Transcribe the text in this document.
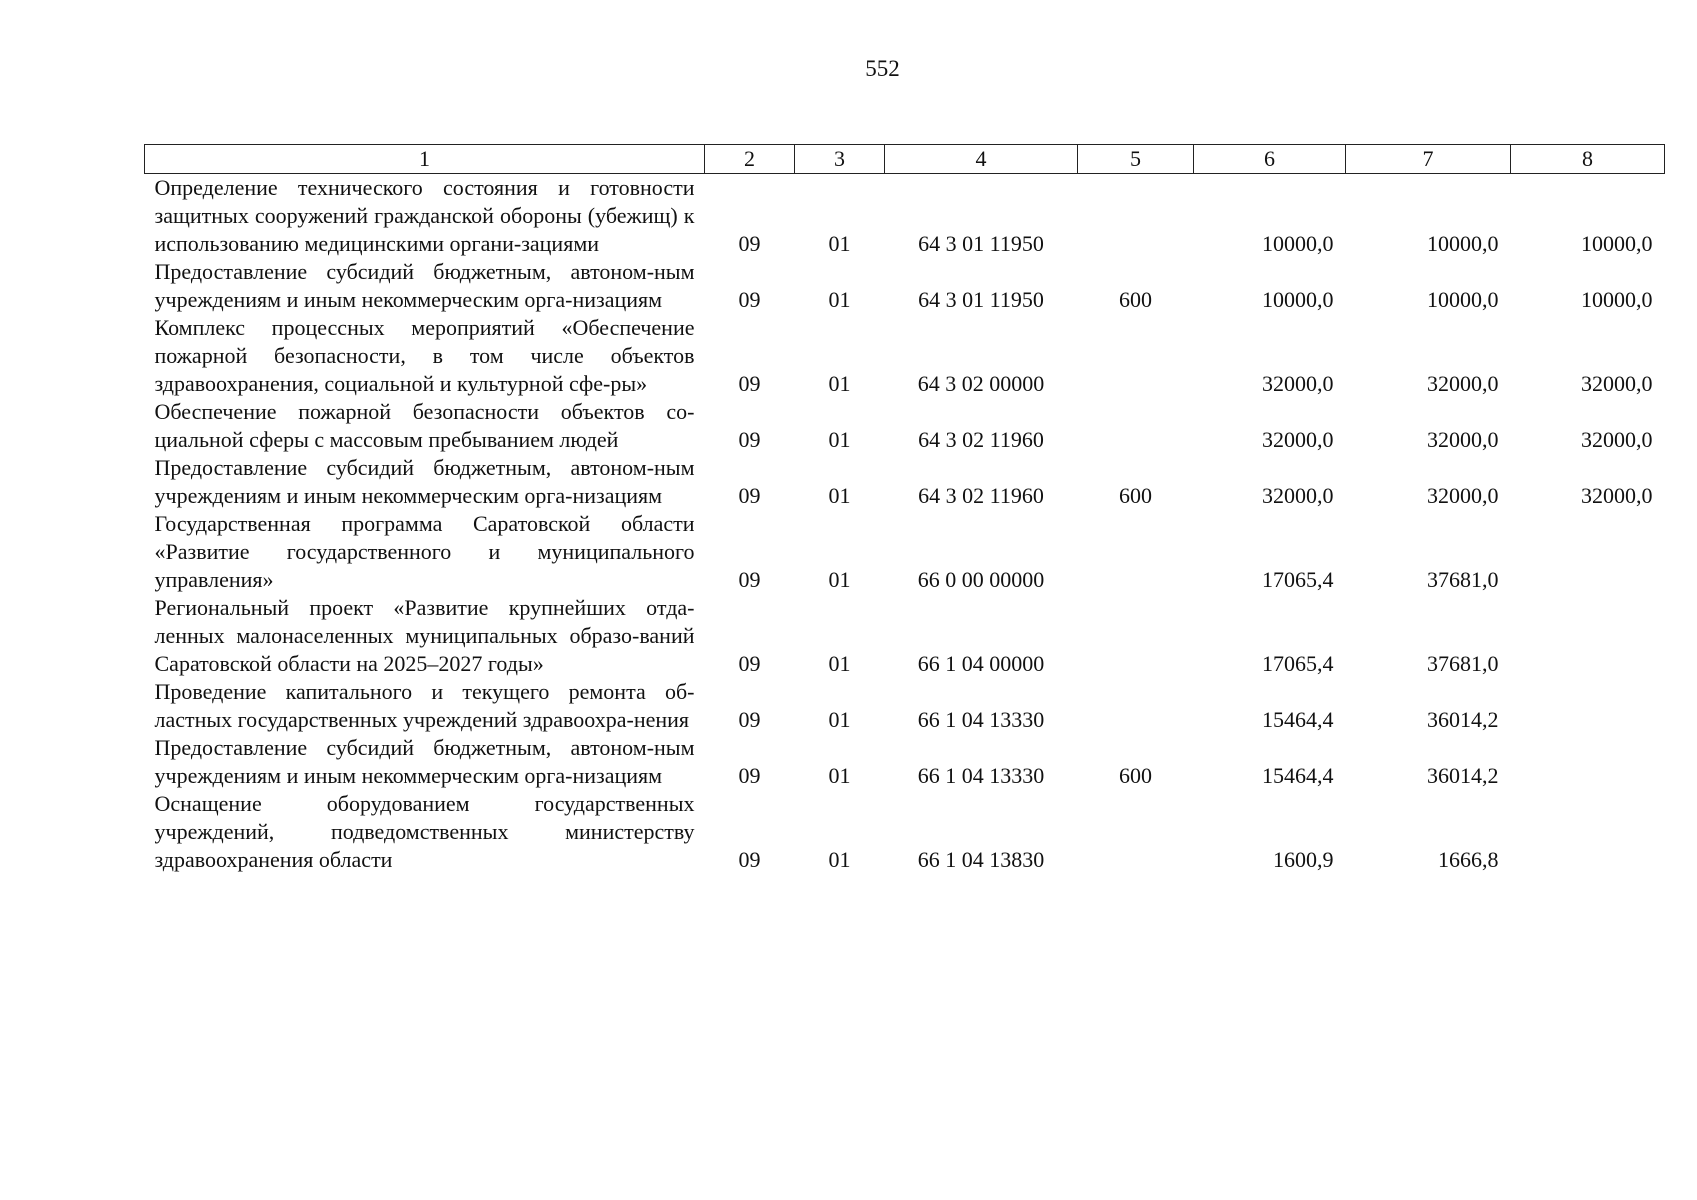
552
1	2	3	4	5	6	7	8
Определение технического состояния и готовности защитных сооружений гражданской обороны (убежищ) к использованию медицинскими органи-зациями	09	01	64 3 01 11950		10000,0	10000,0	10000,0
Предоставление субсидий бюджетным, автоном-ным учреждениям и иным некоммерческим орга-низациям	09	01	64 3 01 11950	600	10000,0	10000,0	10000,0
Комплекс процессных мероприятий «Обеспечение пожарной безопасности, в том числе объектов здравоохранения, социальной и культурной сфе-ры»	09	01	64 3 02 00000		32000,0	32000,0	32000,0
Обеспечение пожарной безопасности объектов со-циальной сферы с массовым пребыванием людей	09	01	64 3 02 11960		32000,0	32000,0	32000,0
Предоставление субсидий бюджетным, автоном-ным учреждениям и иным некоммерческим орга-низациям	09	01	64 3 02 11960	600	32000,0	32000,0	32000,0
Государственная программа Саратовской области «Развитие государственного и муниципального управления»	09	01	66 0 00 00000		17065,4	37681,0	
Региональный проект «Развитие крупнейших отда-ленных малонаселенных муниципальных образо-ваний Саратовской области на 2025–2027 годы»	09	01	66 1 04 00000		17065,4	37681,0	
Проведение капитального и текущего ремонта об-ластных государственных учреждений здравоохра-нения	09	01	66 1 04 13330		15464,4	36014,2	
Предоставление субсидий бюджетным, автоном-ным учреждениям и иным некоммерческим орга-низациям	09	01	66 1 04 13330	600	15464,4	36014,2	
Оснащение оборудованием государственных учреждений, подведомственных министерству здравоохранения области	09	01	66 1 04 13830		1600,9	1666,8	
